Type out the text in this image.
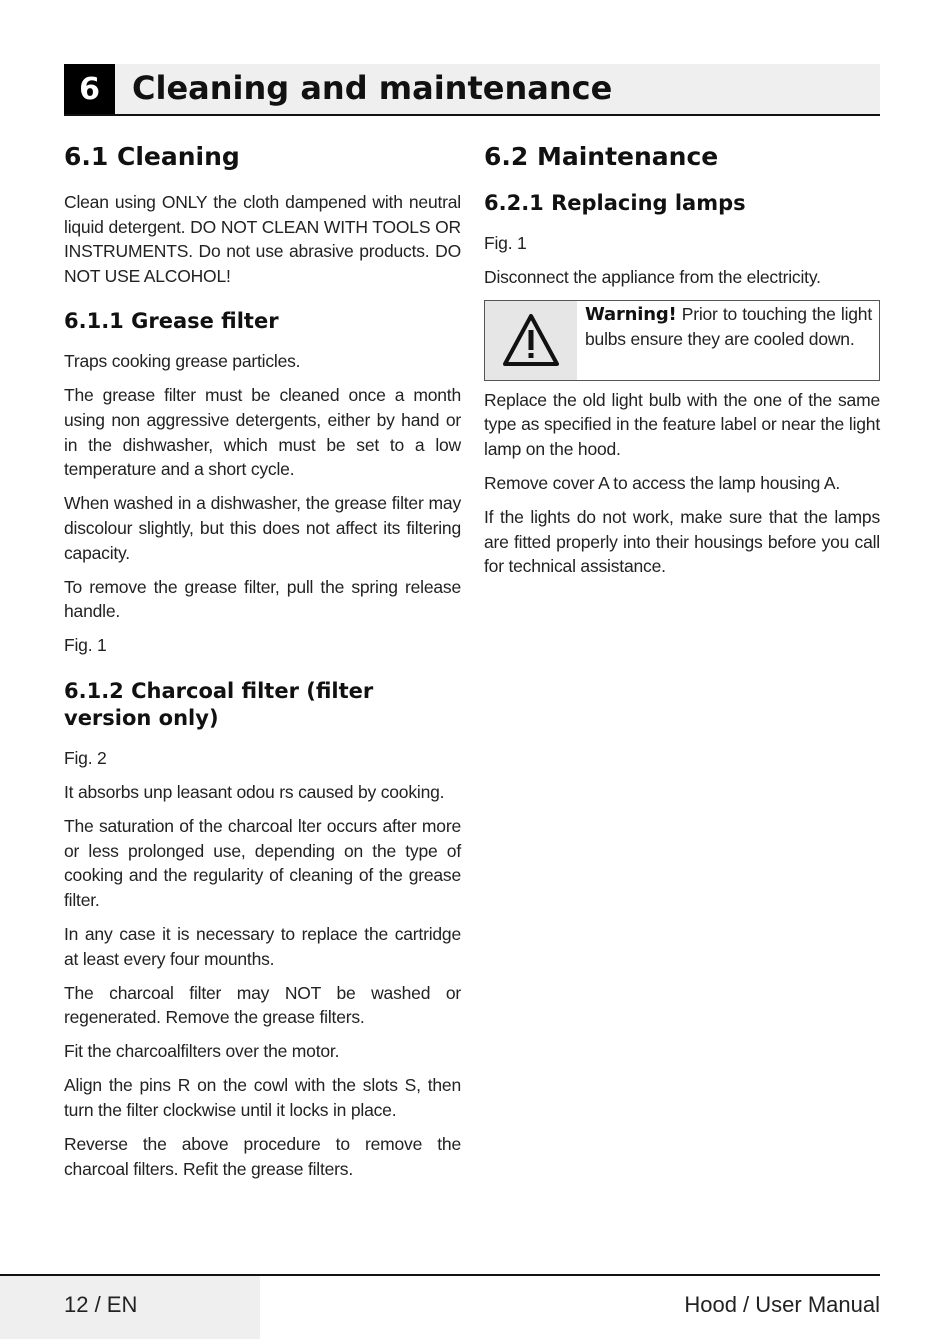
6	Cleaning and maintenance
6.1 Cleaning

Clean using ONLY the cloth dampened with neutral liquid detergent. DO NOT CLEAN WITH TOOLS OR INSTRUMENTS. Do not use abrasive products. DO NOT USE ALCOHOL!

6.1.1 Grease filter

Traps cooking grease particles.

The grease filter must be cleaned once a month using non aggressive detergents, either by hand or in the dishwasher, which must be set to a low temperature and a short cycle.

When washed in a dishwasher, the grease filter may discolour slightly, but this does not affect its filtering capacity.

To remove the grease filter, pull the spring release handle.

Fig. 1

6.1.2 Charcoal filter (filter version only)

Fig. 2

It absorbs unp leasant odou rs caused by cooking.

The saturation of the charcoal lter occurs after more or less prolonged use, depending on the type of cooking and the regularity of cleaning of the grease filter.

In any case it is necessary to replace the cartridge at least every four mounths.

The charcoal filter may NOT be washed or regenerated. Remove the grease filters.

Fit the charcoalfilters over the motor.

Align the pins R on the cowl with the slots S, then turn the filter clockwise until it locks in place.

Reverse the above procedure to remove the charcoal filters. Refit the grease filters.

6.2 Maintenance
6.2.1 Replacing lamps

Fig. 1

Disconnect the appliance from the electricity.

Warning! Prior to touching the light bulbs ensure they are cooled down.

Replace the old light bulb with the one of the same type as specified in the feature label or near the light lamp on the hood.

Remove cover A to access the lamp housing A.

If the lights do not work, make sure that the lamps are fitted properly into their housings before you call for technical assistance.

12 / EN	Hood / User Manual
